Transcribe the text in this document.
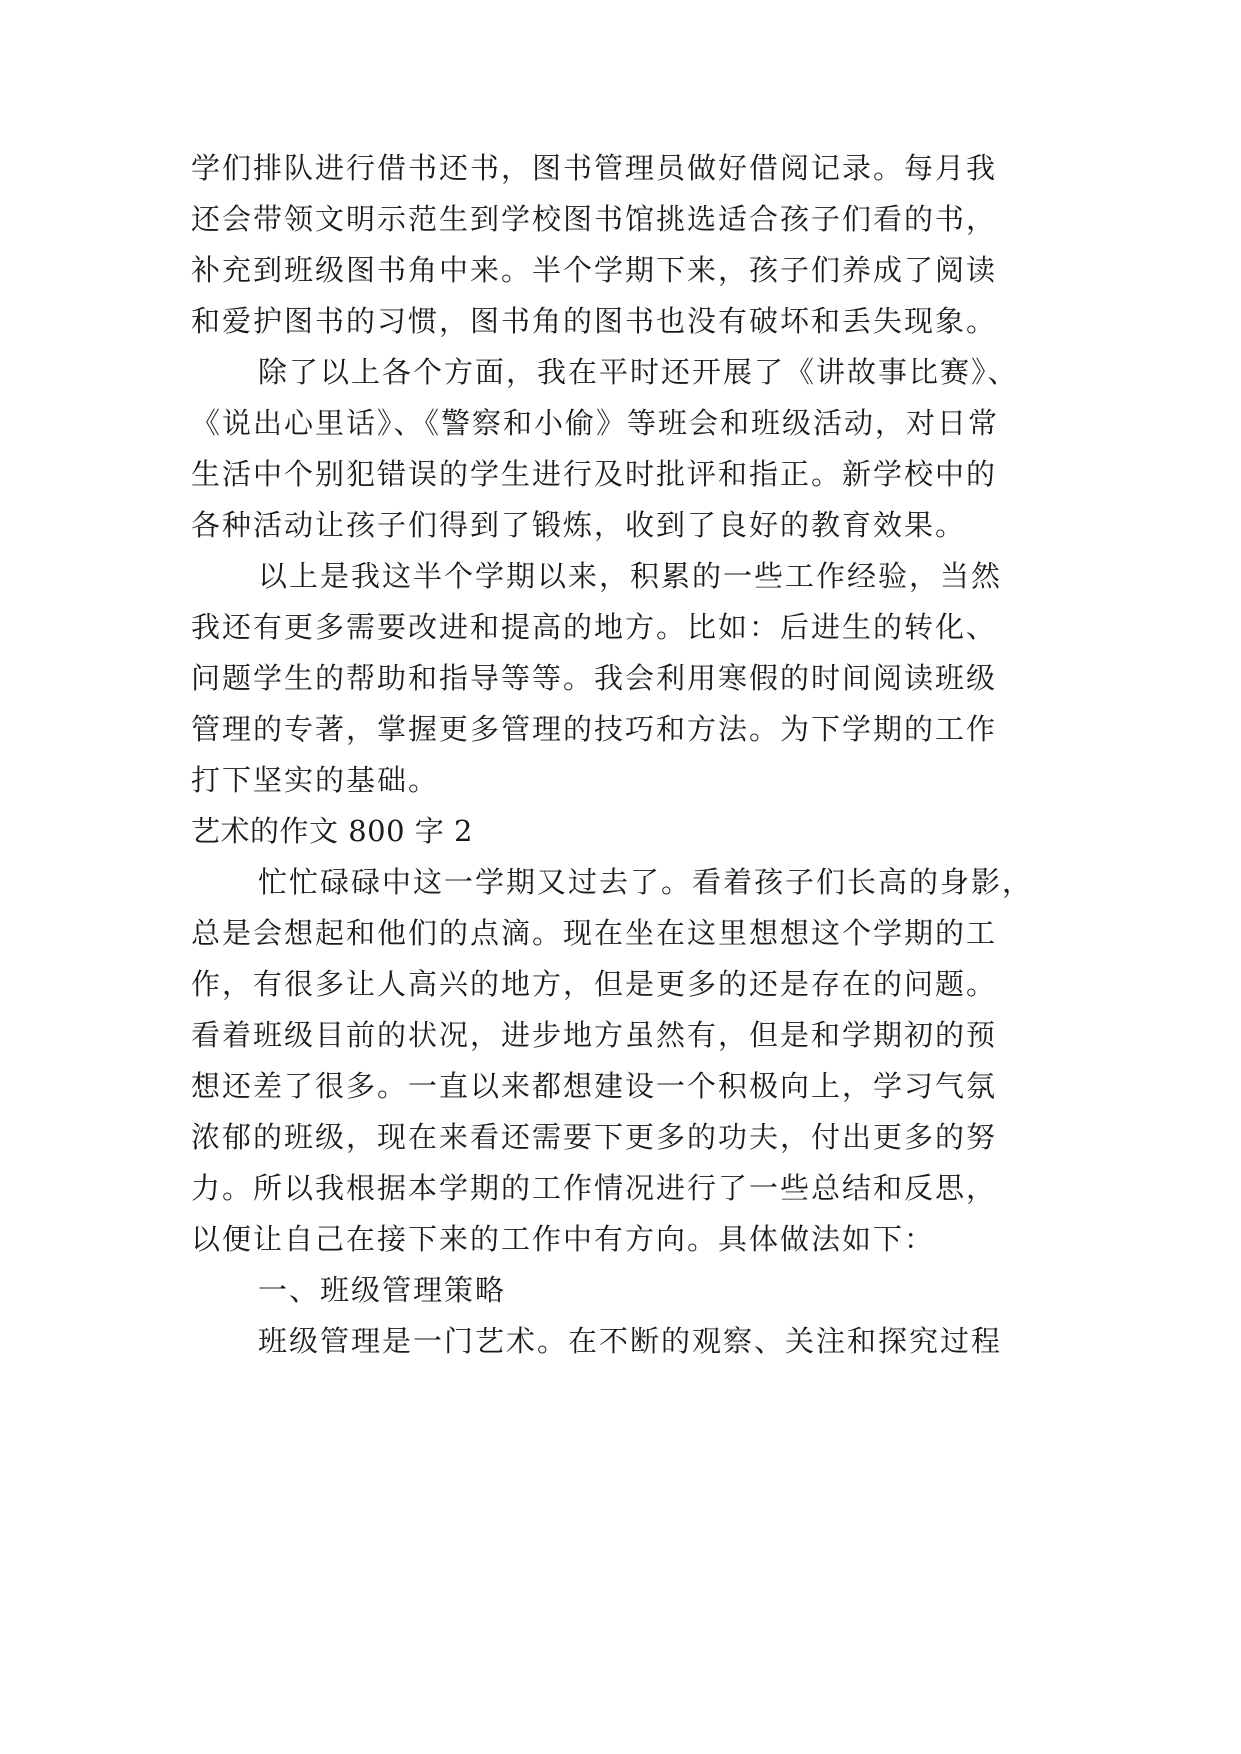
学们排队进行借书还书，图书管理员做好借阅记录。每月我
还会带领文明示范生到学校图书馆挑选适合孩子们看的书，
补充到班级图书角中来。半个学期下来，孩子们养成了阅读
和爱护图书的习惯，图书角的图书也没有破坏和丢失现象。
除了以上各个方面，我在平时还开展了《讲故事比赛》、
《说出心里话》、《警察和小偷》等班会和班级活动，对日常
生活中个别犯错误的学生进行及时批评和指正。新学校中的
各种活动让孩子们得到了锻炼，收到了良好的教育效果。
以上是我这半个学期以来，积累的一些工作经验，当然
我还有更多需要改进和提高的地方。比如：后进生的转化、
问题学生的帮助和指导等等。我会利用寒假的时间阅读班级
管理的专著，掌握更多管理的技巧和方法。为下学期的工作
打下坚实的基础。
艺术的作文 800 字 2
忙忙碌碌中这一学期又过去了。看着孩子们长高的身影，
总是会想起和他们的点滴。现在坐在这里想想这个学期的工
作，有很多让人高兴的地方，但是更多的还是存在的问题。
看着班级目前的状况，进步地方虽然有，但是和学期初的预
想还差了很多。一直以来都想建设一个积极向上，学习气氛
浓郁的班级，现在来看还需要下更多的功夫，付出更多的努
力。所以我根据本学期的工作情况进行了一些总结和反思，
以便让自己在接下来的工作中有方向。具体做法如下：
一、班级管理策略
班级管理是一门艺术。在不断的观察、关注和探究过程
